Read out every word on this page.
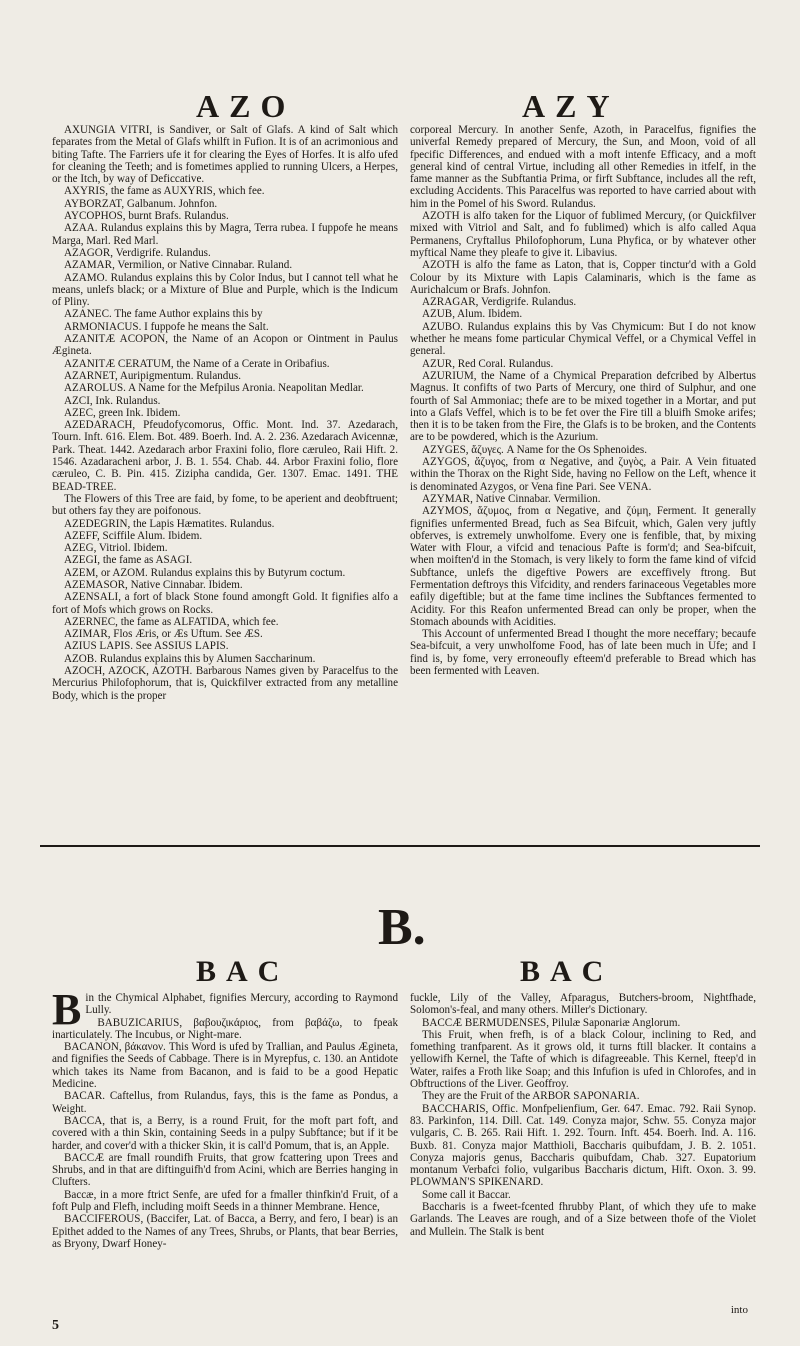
AZO	AZY

AXUNGIA VITRI, is Sandiver, or Salt of Glafs. A kind of Salt which feparates from the Metal of Glafs whilft in Fufion. It is of an acrimonious and biting Tafte. The Farriers ufe it for clearing the Eyes of Horfes. It is alfo ufed for cleaning the Teeth; and is fometimes applied to running Ulcers, a Herpes, or the Itch, by way of Deficcative.

AXYRIS, the fame as AUXYRIS, which fee.

AYBORZAT, Galbanum. Johnfon.

AYCOPHOS, burnt Brafs. Rulandus.

AZAA. Rulandus explains this by Magra, Terra rubea. I fuppofe he means Marga, Marl. Red Marl.

AZAGOR, Verdigrife. Rulandus.

AZAMAR, Vermilion, or Native Cinnabar. Ruland.

AZAMO. Rulandus explains this by Color Indus, but I cannot tell what he means, unlefs black; or a Mixture of Blue and Purple, which is the Indicum of Pliny.

AZANEC. The fame Author explains this by

ARMONIACUS. I fuppofe he means the Salt.

AZANITÆ ACOPON, the Name of an Acopon or Ointment in Paulus Æginetа.

AZANITÆ CERATUM, the Name of a Cerate in Oribafius.

AZARNET, Auripigmentum. Rulandus.

AZAROLUS. A Name for the Mefpilus Aronia. Neapolitan Medlar.

AZCI, Ink. Rulandus.

AZEC, green Ink. Ibidem.

AZEDARACH, Pfeudofycomorus, Offic. Mont. Ind. 37. Azedarach, Tourn. Inft. 616. Elem. Bot. 489. Boerh. Ind. A. 2. 236. Azedarach Avicennæ, Park. Theat. 1442. Azedarach arbor Fraxini folio, flore cæruleo, Raii Hift. 2. 1546. Azadaracheni arbor, J. B. 1. 554. Chab. 44. Arbor Fraxini folio, flore cæruleo, C. B. Pin. 415. Ziziphа candida, Ger. 1307. Emac. 1491. THE BEAD-TREE.

The Flowers of this Tree are faid, by fome, to be aperient and deobftruent; but others fay they are poifonous.

AZEDEGRIN, the Lapis Hæmatites. Rulandus.

AZEFF, Sciffile Alum. Ibidem.

AZEG, Vitriol. Ibidem.

AZEGI, the fame as ASAGI.

AZEM, or AZOM. Rulandus explains this by Butyrum coctum.

AZEMASOR, Native Cinnabar. Ibidem.

AZENSALI, a fort of black Stone found amongft Gold. It fignifies alfo a fort of Mofs which grows on Rocks.

AZERNEC, the fame as ALFATIDA, which fee.

AZIMAR, Flos Æris, or Æs Uftum. See ÆS.

AZIUS LAPIS. See ASSIUS LAPIS.

AZOB. Rulandus explains this by Alumen Saccharinum.

AZOCH, AZOCK, AZOTH. Barbarous Names given by Paracelfus to the Mercurius Philofophorum, that is, Quickfilver extracted from any metalline Body, which is the proper

corporeal Mercury. In another Senfe, Azoth, in Paracelfus, fignifies the univerfal Remedy prepared of Mercury, the Sun, and Moon, void of all fpecific Differences, and endued with a moft intenfe Efficacy, and a moft general kind of central Virtue, including all other Remedies in itfelf, in the fame manner as the Subftantia Prima, or firft Subftance, includes all the reft, excluding Accidents. This Paracelfus was reported to have carried about with him in the Pomel of his Sword. Rulandus.

AZOTH is alfo taken for the Liquor of fublimed Mercury, (or Quickfilver mixed with Vitriol and Salt, and fo fublimed) which is alfo called Aqua Permanens, Cryftallus Philofophorum, Luna Phyfica, or by whatever other myftical Name they pleafe to give it. Libavius.

AZOTH is alfo the fame as Laton, that is, Copper tinctur'd with a Gold Colour by its Mixture with Lapis Calaminaris, which is the fame as Aurichalcum or Brafs. Johnfon.

AZRAGAR, Verdigrife. Rulandus.

AZUB, Alum. Ibidem.

AZUBO. Rulandus explains this by Vas Chymicum: But I do not know whether he means fome particular Chymical Veffel, or a Chymical Veffel in general.

AZUR, Red Coral. Rulandus.

AZURIUM, the Name of a Chymical Preparation defcribed by Albertus Magnus. It confifts of two Parts of Mercury, one third of Sulphur, and one fourth of Sal Ammoniac; thefe are to be mixed together in a Mortar, and put into a Glafs Veffel, which is to be fet over the Fire till a bluifh Smoke arifes; then it is to be taken from the Fire, the Glafs is to be broken, and the Contents are to be powdered, which is the Azurium.

AZYGES, ἄζυγες. A Name for the Os Sphenoides.

AZYGOS, ἄζυγος, from α Negative, and ζυγὸς, a Pair. A Vein fituated within the Thorax on the Right Side, having no Fellow on the Left, whence it is denominated Azygos, or Vena fine Pari. See VENA.

AZYMAR, Native Cinnabar. Vermilion.

AZYMOS, ἄζυμος, from α Negative, and ζύμη, Ferment. It generally fignifies unfermented Bread, fuch as Sea Bifcuit, which, Galen very juftly obferves, is extremely unwholfome. Every one is fenfible, that, by mixing Water with Flour, a vifcid and tenacious Pafte is form'd; and Sea-bifcuit, when moiften'd in the Stomach, is very likely to form the fame kind of vifcid Subftance, unlefs the digeftive Powers are exceffively ftrong. But Fermentation deftroys this Vifcidity, and renders farinaceous Vegetables more eafily digeftible; but at the fame time inclines the Subftances fermented to Acidity. For this Reafon unfermented Bread can only be proper, when the Stomach abounds with Acidities.

This Account of unfermented Bread I thought the more neceffary; becaufe Sea-bifcuit, a very unwholfome Food, has of late been much in Ufe; and I find is, by fome, very erroneoufly efteem'd preferable to Bread which has been fermented with Leaven.

B.
BAC	BAC
B in the Chymical Alphabet, fignifies Mercury, according to Raymond Lully.

BABUZICARIUS, βαβουζικάριος, from βαβάζω, to fpeak inarticulately. The Incubus, or Night-mare.

BACANON, βάκανον. This Word is ufed by Trallian, and Paulus Æginetа, and fignifies the Seeds of Cabbage. There is in Myrepfus, c. 130. an Antidote which takes its Name from Bacanon, and is faid to be a good Hepatic Medicine.

BACAR. Caftellus, from Rulandus, fays, this is the fame as Pondus, a Weight.

BACCA, that is, a Berry, is a round Fruit, for the moft part foft, and covered with a thin Skin, containing Seeds in a pulpy Subftance; but if it be harder, and cover'd with a thicker Skin, it is call'd Pomum, that is, an Apple.

BACCÆ are fmall roundifh Fruits, that grow fcattering upon Trees and Shrubs, and in that are diftinguifh'd from Acini, which are Berries hanging in Clufters.

Baccæ, in a more ftrict Senfe, are ufed for a fmaller thinfkin'd Fruit, of a foft Pulp and Flefh, including moift Seeds in a thinner Membrane. Hence,

BACCIFEROUS, (Baccifer, Lat. of Bacca, a Berry, and fero, I bear) is an Epithet added to the Names of any Trees, Shrubs, or Plants, that bear Berries, as Bryony, Dwarf Honey-

fuckle, Lily of the Valley, Afparagus, Butchers-broom, Nightfhade, Solomon's-feal, and many others. Miller's Dictionary.

BACCÆ BERMUDENSES, Pilulæ Saponariæ Anglorum.

This Fruit, when frefh, is of a black Colour, inclining to Red, and fomething tranfparent. As it grows old, it turns ftill blacker. It contains a yellowifh Kernel, the Tafte of which is difagreeable. This Kernel, fteep'd in Water, raifes a Froth like Soap; and this Infufion is ufed in Chlorofes, and in Obftructions of the Liver. Geoffroy.

They are the Fruit of the ARBOR SAPONARIA.

BACCHARIS, Offic. Monfpelienfium, Ger. 647. Emac. 792. Raii Synop. 83. Parkinfon, 114. Dill. Cat. 149. Conyza major, Schw. 55. Conyza major vulgaris, C. B. 265. Raii Hift. 1. 292. Tourn. Inft. 454. Boerh. Ind. A. 116. Buxb. 81. Conyza major Matthioli, Baccharis quibufdam, J. B. 2. 1051. Conyza majoris genus, Baccharis quibufdam, Chab. 327. Eupatorium montanum Verbafci folio, vulgaribus Baccharis dictum, Hift. Oxon. 3. 99. PLOWMAN'S SPIKENARD.

Some call it Baccar.

Baccharis is a fweet-fcented fhrubby Plant, of which they ufe to make Garlands. The Leaves are rough, and of a Size between thofe of the Violet and Mullein. The Stalk is bent

5
into
